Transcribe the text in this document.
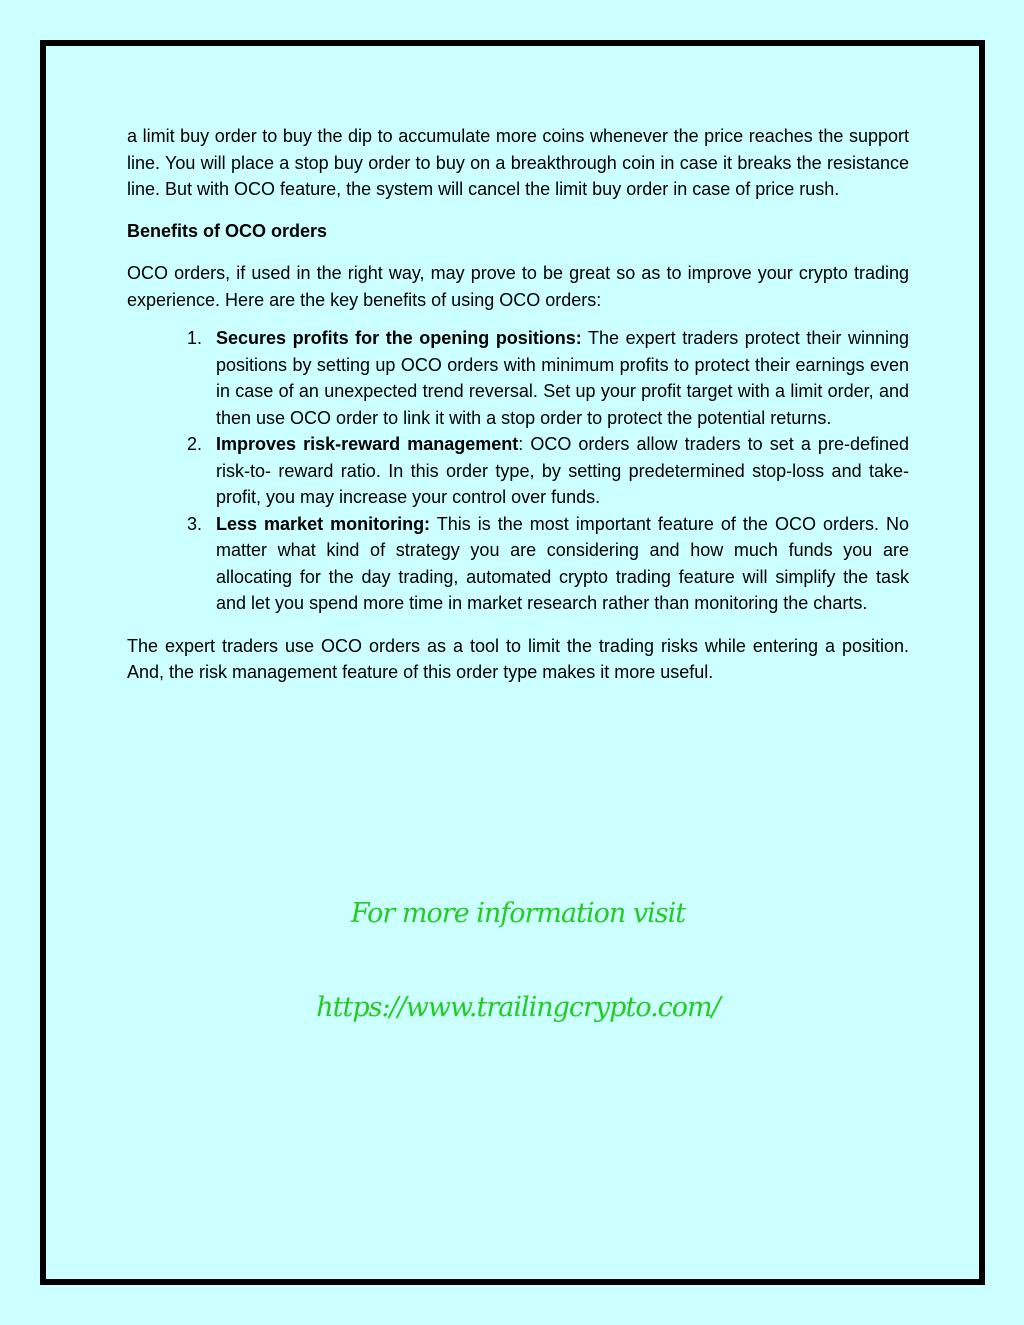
a limit buy order to buy the dip to accumulate more coins whenever the price reaches the support line. You will place a stop buy order to buy on a breakthrough coin in case it breaks the resistance line. But with OCO feature, the system will cancel the limit buy order in case of price rush.

Benefits of OCO orders

OCO orders, if used in the right way, may prove to be great so as to improve your crypto trading experience. Here are the key benefits of using OCO orders:

1. Secures profits for the opening positions: The expert traders protect their winning positions by setting up OCO orders with minimum profits to protect their earnings even in case of an unexpected trend reversal. Set up your profit target with a limit order, and then use OCO order to link it with a stop order to protect the potential returns.
2. Improves risk-reward management: OCO orders allow traders to set a pre-defined risk-to- reward ratio. In this order type, by setting predetermined stop-loss and take-profit, you may increase your control over funds.
3. Less market monitoring: This is the most important feature of the OCO orders. No matter what kind of strategy you are considering and how much funds you are allocating for the day trading, automated crypto trading feature will simplify the task and let you spend more time in market research rather than monitoring the charts.

The expert traders use OCO orders as a tool to limit the trading risks while entering a position. And, the risk management feature of this order type makes it more useful.

For more information visit
https://www.trailingcrypto.com/
